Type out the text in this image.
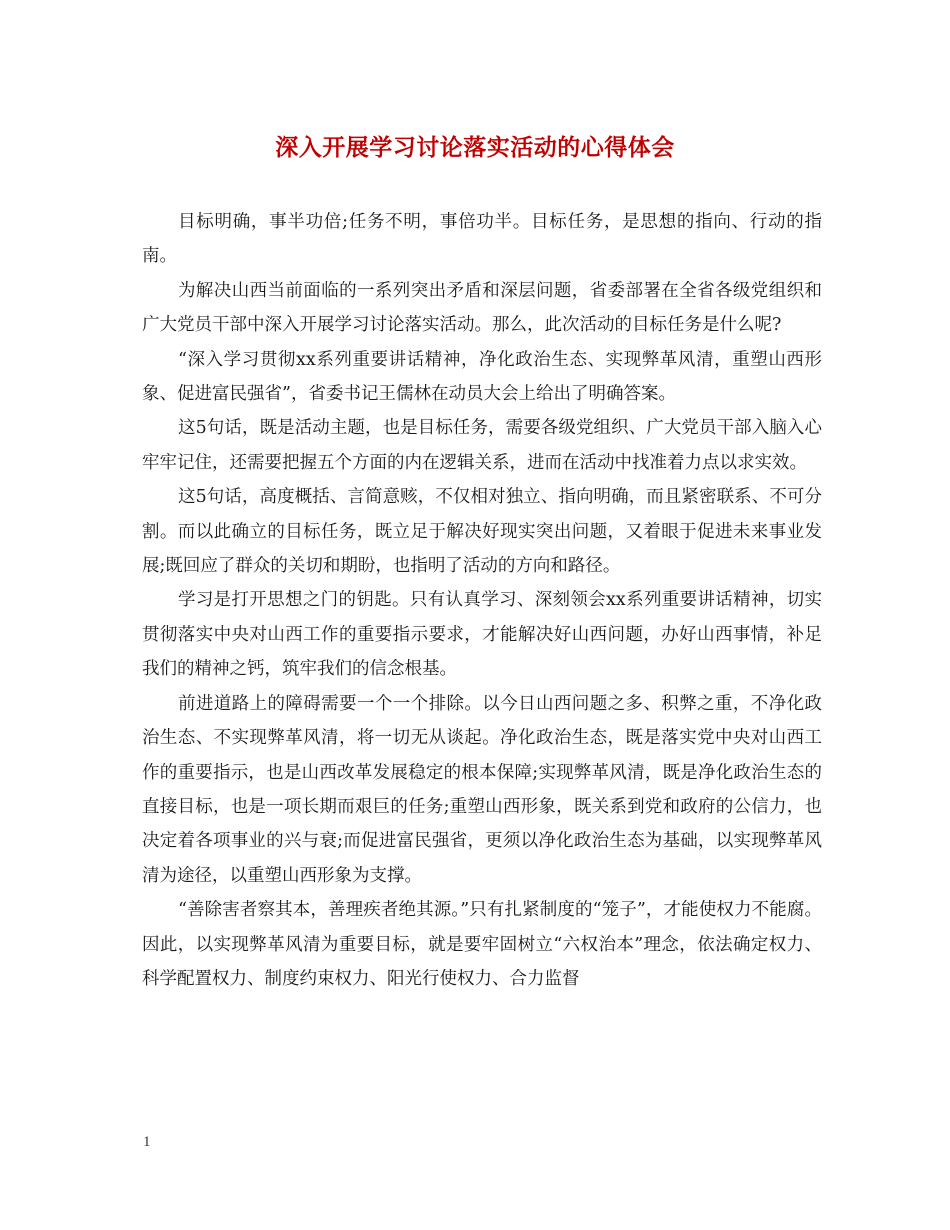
深入开展学习讨论落实活动的心得体会

目标明确，事半功倍;任务不明，事倍功半。目标任务，是思想的指向、行动的指南。

为解决山西当前面临的一系列突出矛盾和深层问题，省委部署在全省各级党组织和广大党员干部中深入开展学习讨论落实活动。那么，此次活动的目标任务是什么呢?

“深入学习贯彻xx系列重要讲话精神，净化政治生态、实现弊革风清，重塑山西形象、促进富民强省”，省委书记王儒林在动员大会上给出了明确答案。

这5句话，既是活动主题，也是目标任务，需要各级党组织、广大党员干部入脑入心牢牢记住，还需要把握五个方面的内在逻辑关系，进而在活动中找准着力点以求实效。

这5句话，高度概括、言简意赅，不仅相对独立、指向明确，而且紧密联系、不可分割。而以此确立的目标任务，既立足于解决好现实突出问题，又着眼于促进未来事业发展;既回应了群众的关切和期盼，也指明了活动的方向和路径。

学习是打开思想之门的钥匙。只有认真学习、深刻领会xx系列重要讲话精神，切实贯彻落实中央对山西工作的重要指示要求，才能解决好山西问题，办好山西事情，补足我们的精神之钙，筑牢我们的信念根基。

前进道路上的障碍需要一个一个排除。以今日山西问题之多、积弊之重，不净化政治生态、不实现弊革风清，将一切无从谈起。净化政治生态，既是落实党中央对山西工作的重要指示，也是山西改革发展稳定的根本保障;实现弊革风清，既是净化政治生态的直接目标，也是一项长期而艰巨的任务;重塑山西形象，既关系到党和政府的公信力，也决定着各项事业的兴与衰;而促进富民强省，更须以净化政治生态为基础，以实现弊革风清为途径，以重塑山西形象为支撑。

“善除害者察其本，善理疾者绝其源。”只有扎紧制度的“笼子”，才能使权力不能腐。因此，以实现弊革风清为重要目标，就是要牢固树立“六权治本”理念，依法确定权力、科学配置权力、制度约束权力、阳光行使权力、合力监督

1
